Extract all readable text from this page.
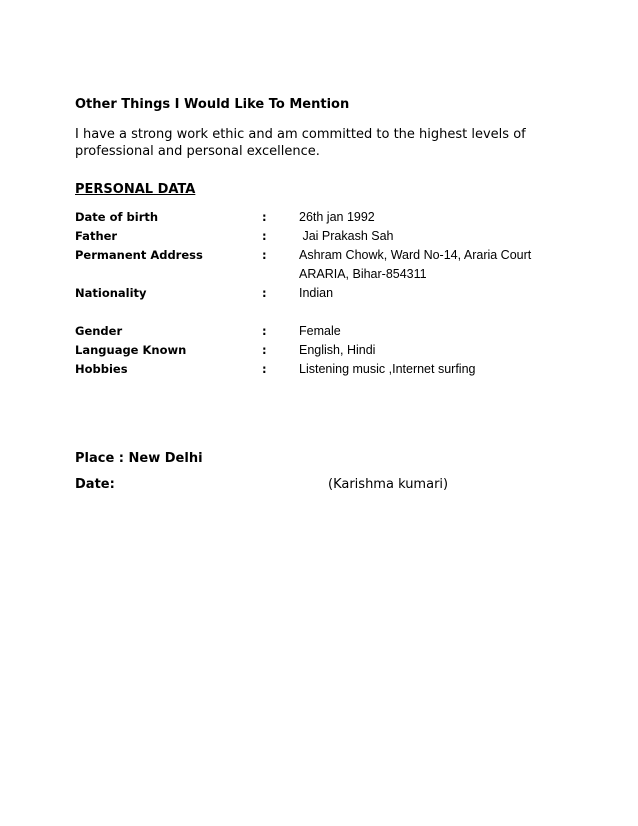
Other Things I Would Like To Mention
I have a strong work ethic and am committed to the highest levels of professional and personal excellence.
PERSONAL DATA
Date of birth	:	26th jan 1992
Father	:	Jai Prakash Sah
Permanent Address	:	Ashram Chowk, Ward No-14, Araria Court
ARARIA, Bihar-854311
Nationality	:	Indian
Gender	:	Female
Language Known	:	English, Hindi
Hobbies	:	Listening music ,Internet surfing
Place : New Delhi
Date:	(Karishma kumari)
